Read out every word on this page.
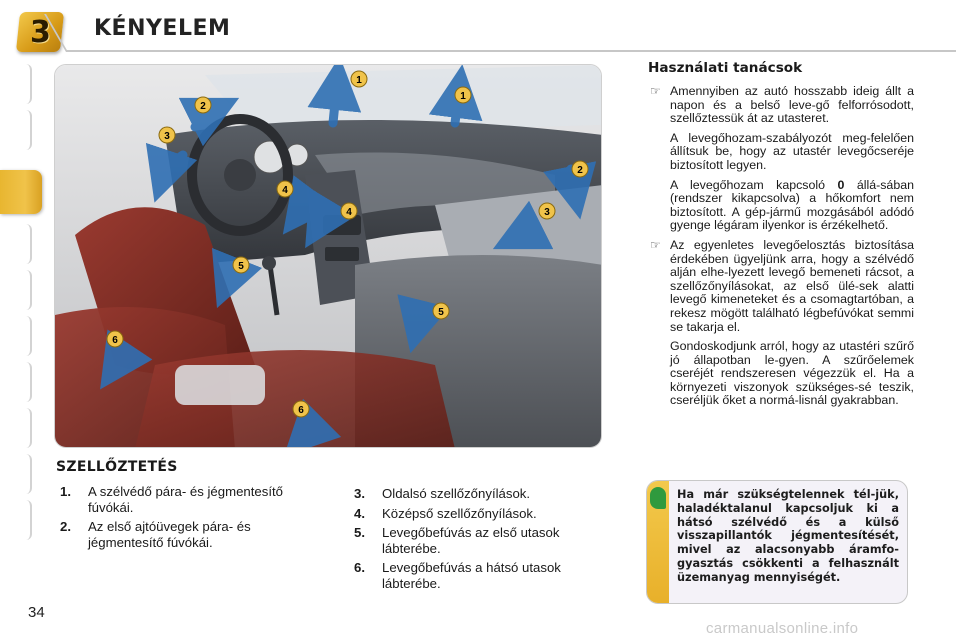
3 KÉNYELEM
1
1
2
2
3
3
4
4
5
5
6
6
SZELLŐZTETÉS
1. A szélvédő pára- és jégmentesítő fúvókái.
2. Az első ajtóüvegek pára- és jégmentesítő fúvókái.
3. Oldalsó szellőzőnyílások.
4. Középső szellőzőnyílások.
5. Levegőbefúvás az első utasok lábterébe.
6. Levegőbefúvás a hátsó utasok lábterébe.
Használati tanácsok
☞ Amennyiben az autó hosszabb ideig állt a napon és a belső leve-gő felforrósodott, szellőztessük át az utasteret.

A levegőhozam-szabályozót meg-felelően állítsuk be, hogy az utastér levegőcseréje biztosított legyen.

A levegőhozam kapcsoló 0 állá-sában (rendszer kikapcsolva) a hőkomfort nem biztosított. A gép-jármű mozgásából adódó gyenge légáram ilyenkor is érzékelhető.

☞ Az egyenletes levegőelosztás biztosítása érdekében ügyeljünk arra, hogy a szélvédő alján elhe-lyezett levegő bemeneti rácsot, a szellőzőnyílásokat, az első ülé-sek alatti levegő kimeneteket és a csomagtartóban, a rekesz mögött található légbefúvókat semmi se takarja el.

Gondoskodjunk arról, hogy az utastéri szűrő jó állapotban le-gyen. A szűrőelemek cseréjét rendszeresen végezzük el. Ha a környezeti viszonyok szükséges-sé teszik, cseréljük őket a normá-lisnál gyakrabban.

Ha már szükségtelennek tél-jük, haladéktalanul kapcsoljuk ki a hátsó szélvédő és a külső visszapillantók jégmentesítését, mivel az alacsonyabb áramfo-gyasztás csökkenti a felhasznált üzemanyag mennyiségét.
34
carmanualsonline.info
